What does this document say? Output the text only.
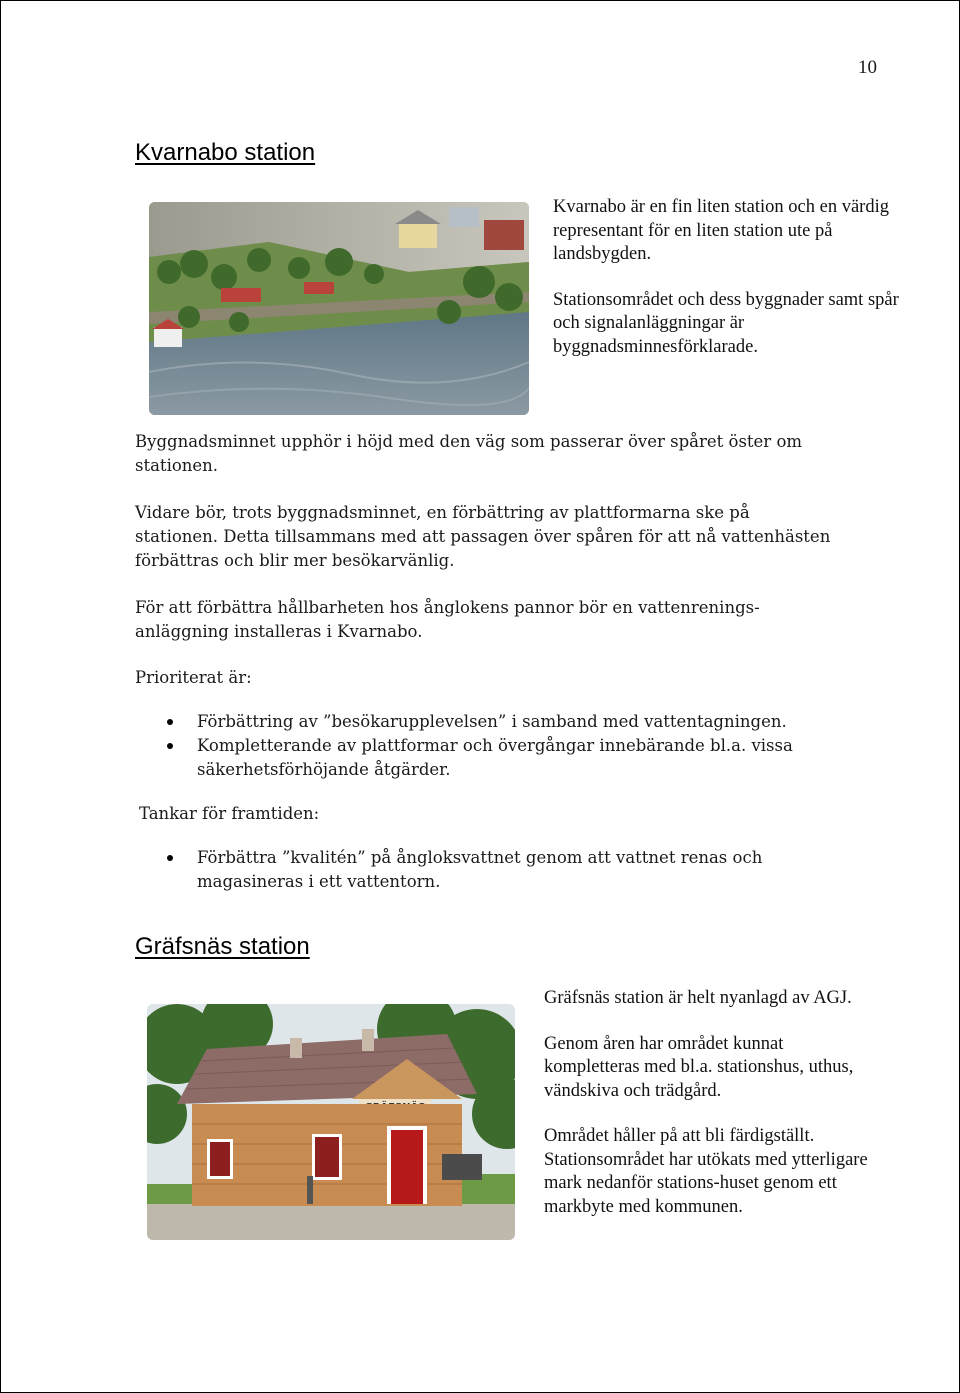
10
Kvarnabo station

Kvarnabo är en fin liten station och en värdig representant för en liten station ute på landsbygden.

Stationsområdet och dess byggnader samt spår och signalanläggningar är byggnadsminnesförklarade.

Byggnadsminnet upphör i höjd med den väg som passerar över spåret öster om stationen.
Vidare bör, trots byggnadsminnet, en förbättring av plattformarna ske på stationen. Detta tillsammans med att passagen över spåren för att nå vattenhästen förbättras och blir mer besökarvänlig.
För att förbättra hållbarheten hos ånglokens pannor bör en vattenrenings-anläggning installeras i Kvarnabo.
Prioriterat är:
Förbättring av ”besökarupplevelsen” i samband med vattentagningen.
Kompletterande av plattformar och övergångar innebärande bl.a. vissa säkerhetsförhöjande åtgärder.
Tankar för framtiden:
Förbättra ”kvalitén” på ångloksvattnet genom att vattnet renas och magasineras i ett vattentorn.
Gräfsnäs station

Gräfsnäs station är helt nyanlagd av AGJ.

Genom åren har området kunnat kompletteras med bl.a. stationshus, uthus, vändskiva och trädgård.

Området håller på att bli färdigställt. Stationsområdet har utökats med ytterligare mark nedanför stations-huset genom ett markbyte med kommunen.
